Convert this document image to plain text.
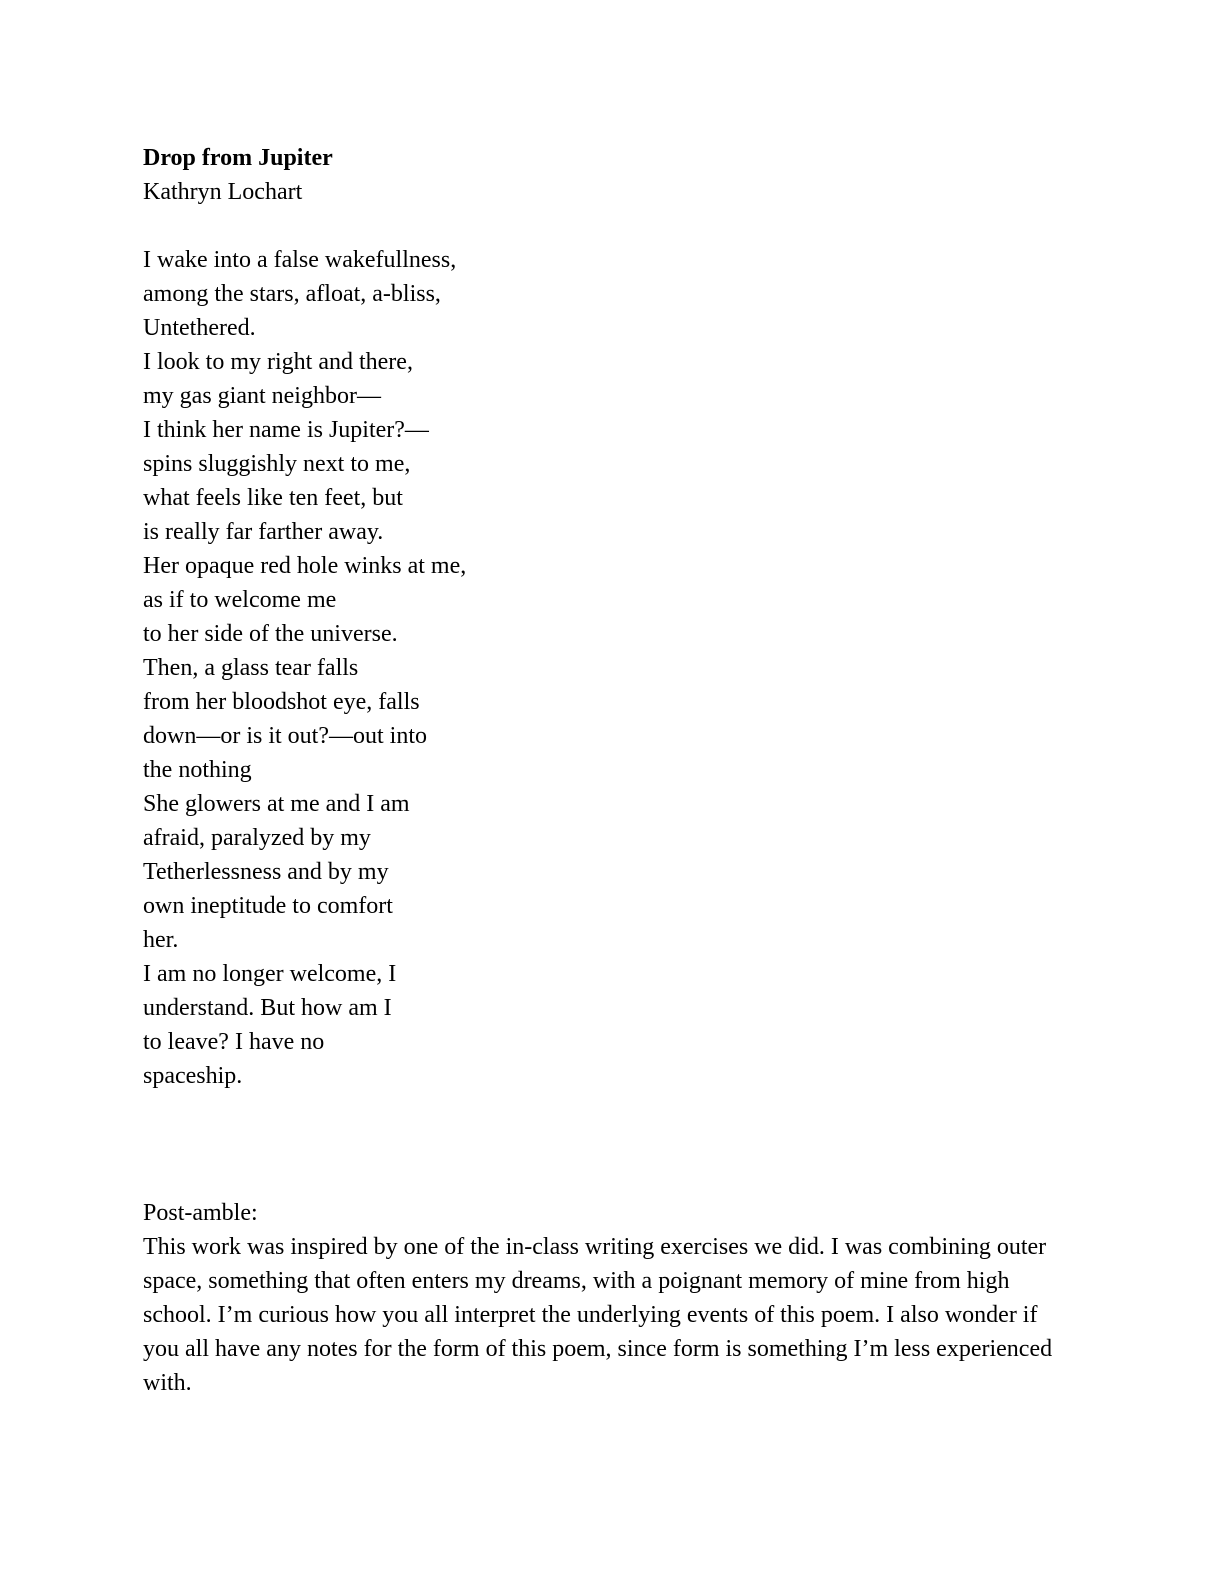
Drop from Jupiter

Kathryn Lochart

I wake into a false wakefullness,
among the stars, afloat, a-bliss,
Untethered.
I look to my right and there,
my gas giant neighbor—
I think her name is Jupiter?—
spins sluggishly next to me,
what feels like ten feet, but
is really far farther away.
Her opaque red hole winks at me,
as if to welcome me
to her side of the universe.
Then, a glass tear falls
from her bloodshot eye, falls
down—or is it out?—out into
the nothing
She glowers at me and I am
afraid, paralyzed by my
Tetherlessness and by my
own ineptitude to comfort
her.
I am no longer welcome, I
understand. But how am I
to leave? I have no
spaceship.

Post-amble:

This work was inspired by one of the in-class writing exercises we did. I was combining outer space, something that often enters my dreams, with a poignant memory of mine from high school. I’m curious how you all interpret the underlying events of this poem. I also wonder if you all have any notes for the form of this poem, since form is something I’m less experienced with.
